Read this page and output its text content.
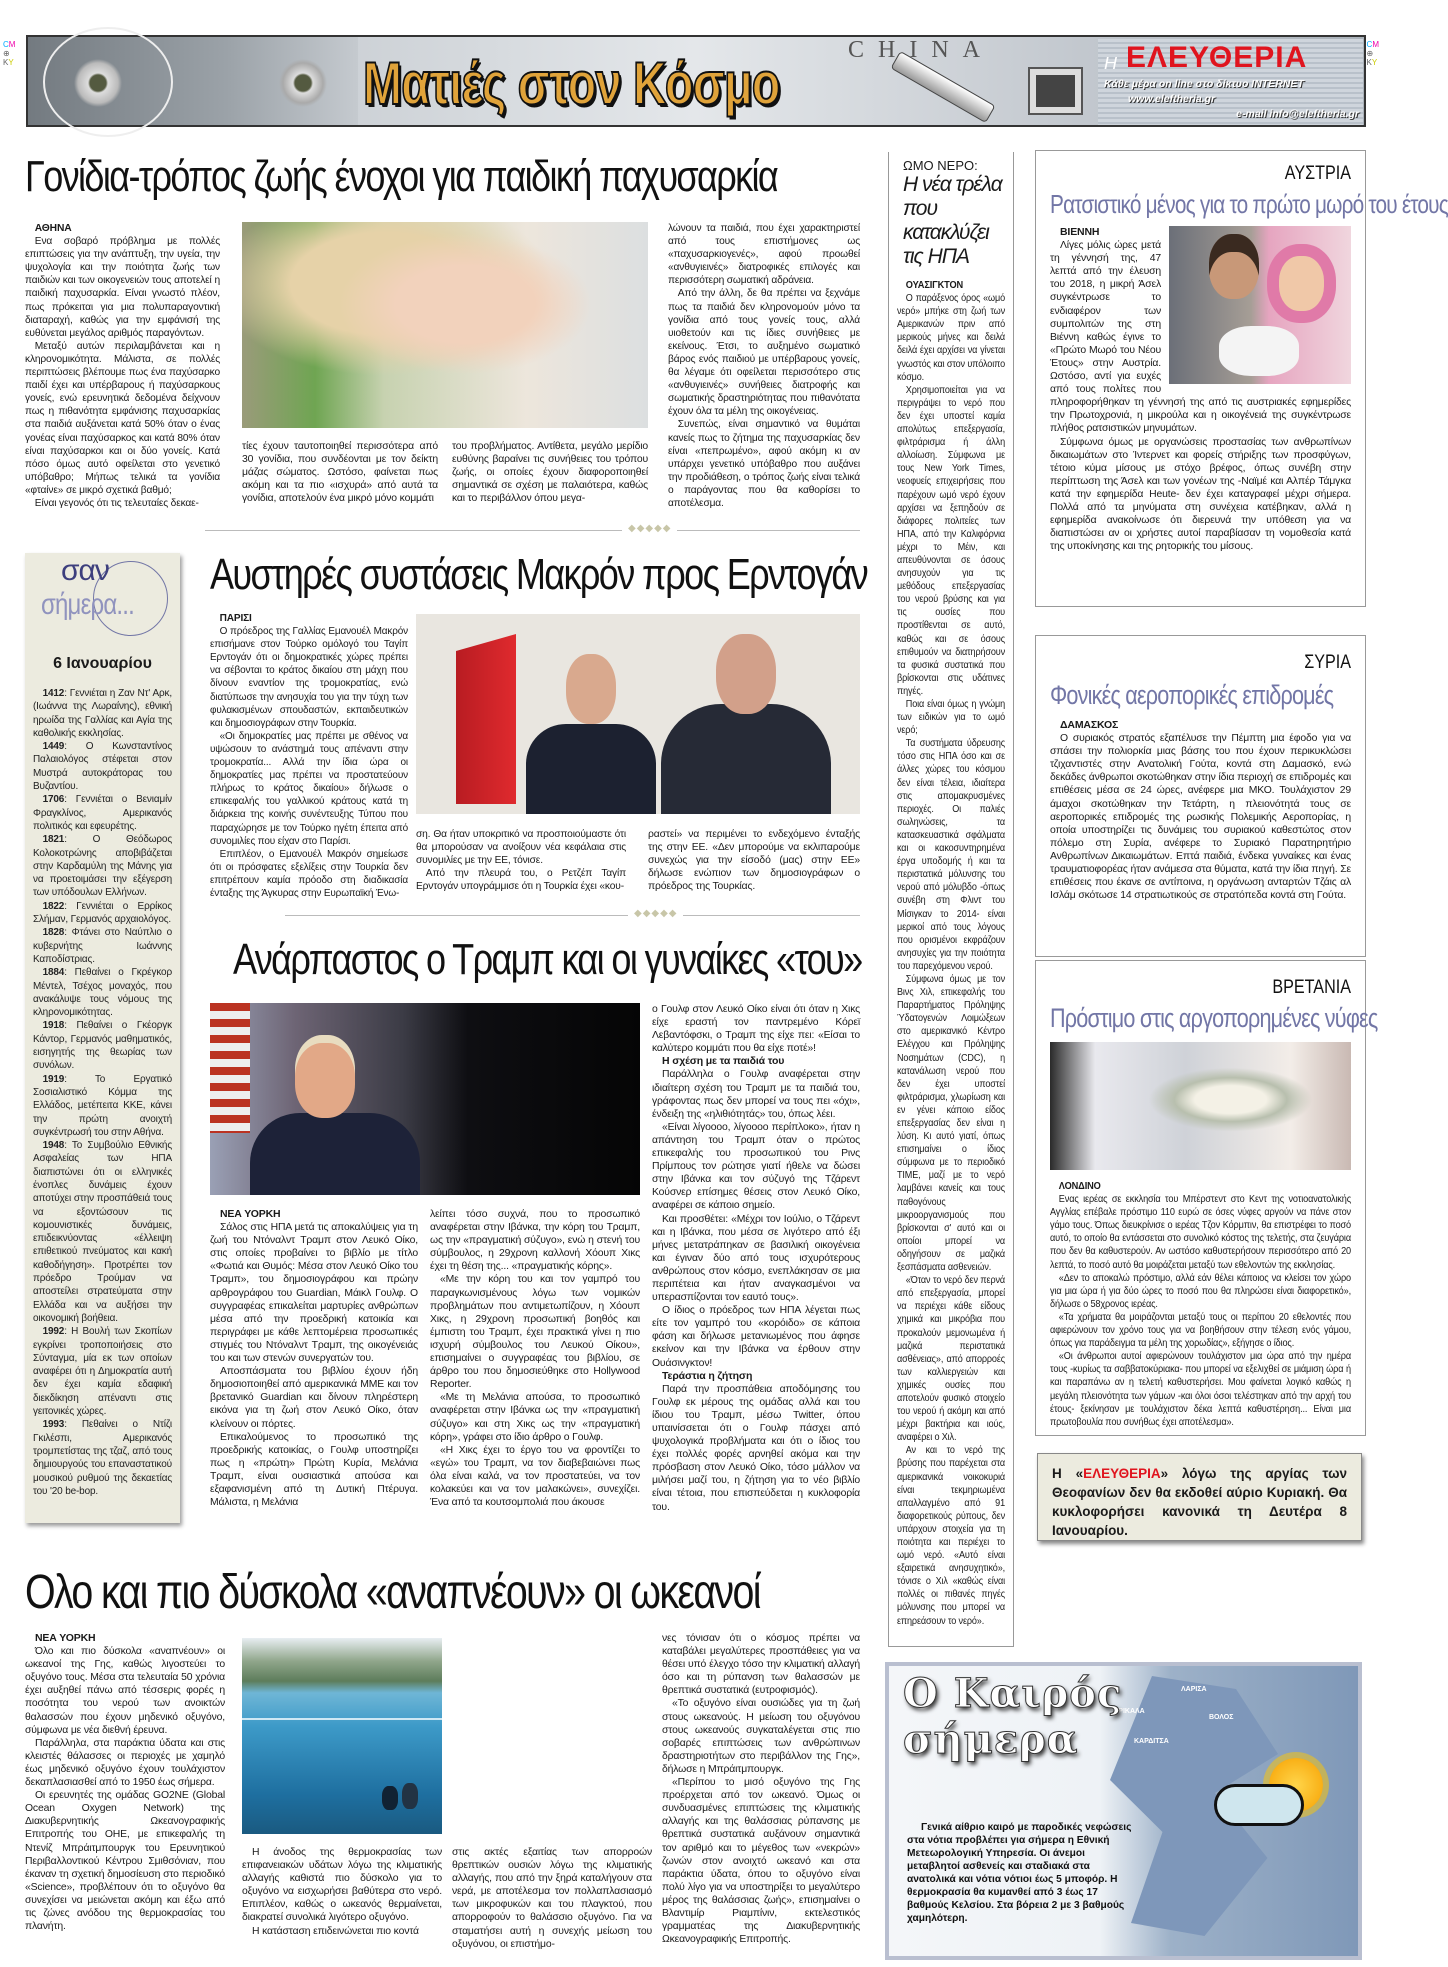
CM
⊕
KY
CM
⊕
KY
Ματιές στον Κόσμο	CHINA	Η ΕΛΕΥΘΕΡΙΑ
Κάθε μέρα on line στο δίκτυο INTERNET
www.eleftheria.gr
e-mail info@eleftheria.gr
Γονίδια-τρόπος ζωής ένοχοι για παιδική παχυσαρκία
ΑΘΗΝΑ

Ενα σοβαρό πρόβλημα με πολλές επιπτώσεις για την ανάπτυξη, την υγεία, την ψυχολογία και την ποιότητα ζωής των παιδιών και των οικογενειών τους αποτελεί η παιδική παχυσαρκία. Είναι γνωστό πλέον, πως πρόκειται για μια πολυπαραγοντική διαταραχή, καθώς για την εμφάνισή της ευθύνεται μεγάλος αριθμός παραγόντων.

Μεταξύ αυτών περιλαμβάνεται και η κληρονομικότητα. Μάλιστα, σε πολλές περιπτώσεις βλέπουμε πως ένα παχύσαρκο παιδί έχει και υπέρβαρους ή παχύσαρκους γονείς, ενώ ερευνητικά δεδομένα δείχνουν πως η πιθανότητα εμφάνισης παχυσαρκίας στα παιδιά αυξάνεται κατά 50% όταν ο ένας γονέας είναι παχύσαρκος και κατά 80% όταν είναι παχύσαρκοι και οι δύο γονείς. Κατά πόσο όμως αυτό οφείλεται στο γενετικό υπόβαθρο; Μήπως τελικά τα γονίδια «φταίνε» σε μικρό σχετικά βαθμό;

Είναι γεγονός ότι τις τελευταίες δεκαε-

τίες έχουν ταυτοποιηθεί περισσότερα από 30 γονίδια, που συνδέονται με τον δείκτη μάζας σώματος. Ωστόσο, φαίνεται πως ακόμη και τα πιο «ισχυρά» από αυτά τα γονίδια, αποτελούν ένα μικρό μόνο κομμάτι

του προβλήματος. Αντίθετα, μεγάλο μερίδιο ευθύνης βαραίνει τις συνήθειες του τρόπου ζωής, οι οποίες έχουν διαφοροποιηθεί σημαντικά σε σχέση με παλαιότερα, καθώς και το περιβάλλον όπου μεγα-

λώνουν τα παιδιά, που έχει χαρακτηριστεί από τους επιστήμονες ως «παχυσαρκιογενές», αφού προωθεί «ανθυγιεινές» διατροφικές επιλογές και περισσότερη σωματική αδράνεια.

Από την άλλη, δε θα πρέπει να ξεχνάμε πως τα παιδιά δεν κληρονομούν μόνο τα γονίδια από τους γονείς τους, αλλά υιοθετούν και τις ίδιες συνήθειες με εκείνους. Έτσι, το αυξημένο σωματικό βάρος ενός παιδιού με υπέρβαρους γονείς, θα λέγαμε ότι οφείλεται περισσότερο στις «ανθυγιεινές» συνήθειες διατροφής και σωματικής δραστηριότητας που πιθανότατα έχουν όλα τα μέλη της οικογένειας.

Συνεπώς, είναι σημαντικό να θυμάται κανείς πως το ζήτημα της παχυσαρκίας δεν είναι «πεπρωμένο», αφού ακόμη κι αν υπάρχει γενετικό υπόβαθρο που αυξάνει την προδιάθεση, ο τρόπος ζωής είναι τελικά ο παράγοντας που θα καθορίσει το αποτέλεσμα.

◆◆◆◆◆
σαν
σήμερα...
6 Ιανουαρίου

1412: Γεννιέται η Ζαν Ντ' Αρκ, (Ιωάννα της Λωραίνης), εθνική ηρωίδα της Γαλλίας και Αγία της καθολικής εκκλησίας.

1449: Ο Κωνσταντίνος Παλαιολόγος στέφεται στον Μυστρά αυτοκράτορας του Βυζαντίου.

1706: Γεννιέται ο Βενιαμίν Φραγκλίνος, Αμερικανός πολιτικός και εφευρέτης.

1821: Ο Θεόδωρος Κολοκοτρώνης αποβιβάζεται στην Καρδαμύλη της Μάνης για να προετοιμάσει την εξέγερση των υπόδουλων Ελλήνων.

1822: Γεννιέται ο Ερρίκος Σλήμαν, Γερμανός αρχαιολόγος.

1828: Φτάνει στο Ναύπλιο ο κυβερνήτης Ιωάννης Καποδίστριας.

1884: Πεθαίνει ο Γκρέγκορ Μέντελ, Τσέχος μοναχός, που ανακάλυψε τους νόμους της κληρονομικότητας.

1918: Πεθαίνει ο Γκέοργκ Κάντορ, Γερμανός μαθηματικός, εισηγητής της θεωρίας των συνόλων.

1919: Το Εργατικό Σοσιαλιστικό Κόμμα της Ελλάδος, μετέπειτα ΚΚΕ, κάνει την πρώτη ανοιχτή συγκέντρωσή του στην Αθήνα.

1948: Το Συμβούλιο Εθνικής Ασφαλείας των ΗΠΑ διαπιστώνει ότι οι ελληνικές ένοπλες δυνάμεις έχουν αποτύχει στην προσπάθειά τους να εξοντώσουν τις κομουνιστικές δυνάμεις, επιδεικνύοντας «έλλειψη επιθετικού πνεύματος και κακή καθοδήγηση». Προτρέπει τον πρόεδρο Τρούμαν να αποστείλει στρατεύματα στην Ελλάδα και να αυξήσει την οικονομική βοήθεια.

1992: Η Βουλή των Σκοπίων εγκρίνει τροποποιήσεις στο Σύνταγμα, μία εκ των οποίων αναφέρει ότι η Δημοκρατία αυτή δεν έχει καμία εδαφική διεκδίκηση απέναντι στις γειτονικές χώρες.

1993: Πεθαίνει ο Ντίζι Γκιλέσπι, Αμερικανός τρομπετίστας της τζαζ, από τους δημιουργούς του επαναστατικού μουσικού ρυθμού της δεκαετίας του '20 be-bop.

Αυστηρές συστάσεις Μακρόν προς Ερντογάν
ΠΑΡΙΣΙ

Ο πρόεδρος της Γαλλίας Εμανουέλ Μακρόν επισήμανε στον Τούρκο ομόλογό του Ταγίπ Ερντογάν ότι οι δημοκρατικές χώρες πρέπει να σέβονται το κράτος δικαίου στη μάχη που δίνουν εναντίον της τρομοκρατίας, ενώ διατύπωσε την ανησυχία του για την τύχη των φυλακισμένων σπουδαστών, εκπαιδευτικών και δημοσιογράφων στην Τουρκία.

«Οι δημοκρατίες μας πρέπει με σθένος να υψώσουν το ανάστημά τους απέναντι στην τρομοκρατία... Αλλά την ίδια ώρα οι δημοκρατίες μας πρέπει να προστατεύουν πλήρως το κράτος δικαίου» δήλωσε ο επικεφαλής του γαλλικού κράτους κατά τη διάρκεια της κοινής συνέντευξης Τύπου που παραχώρησε με τον Τούρκο ηγέτη έπειτα από συνομιλίες που είχαν στο Παρίσι.

Επιπλέον, ο Εμανουέλ Μακρόν σημείωσε ότι οι πρόσφατες εξελίξεις στην Τουρκία δεν επιτρέπουν καμία πρόοδο στη διαδικασία ένταξης της Άγκυρας στην Ευρωπαϊκή Ένω-

ση. Θα ήταν υποκριτικό να προσποιούμαστε ότι θα μπορούσαν να ανοίξουν νέα κεφάλαια στις συνομιλίες με την ΕΕ, τόνισε.

Από την πλευρά του, ο Ρετζέπ Ταγίπ Ερντογάν υπογράμμισε ότι η Τουρκία έχει «κου-

ραστεί» να περιμένει το ενδεχόμενο ένταξής της στην ΕΕ. «Δεν μπορούμε να εκλιπαρούμε συνεχώς για την είσοδό (μας) στην ΕΕ» δήλωσε ενώπιον των δημοσιογράφων ο πρόεδρος της Τουρκίας.

◆◆◆◆◆
Ανάρπαστος ο Τραμπ και οι γυναίκες «του»
ΝΕΑ ΥΟΡΚΗ

Σάλος στις ΗΠΑ μετά τις αποκαλύψεις για τη ζωή του Ντόναλντ Τραμπ στον Λευκό Οίκο, στις οποίες προβαίνει το βιβλίο με τίτλο «Φωτιά και Θυμός: Μέσα στον Λευκό Οίκο του Τραμπ», του δημοσιογράφου και πρώην αρθρογράφου του Guardian, Μάικλ Γουλφ. Ο συγγραφέας επικαλείται μαρτυρίες ανθρώπων μέσα από την προεδρική κατοικία και περιγράφει με κάθε λεπτομέρεια προσωπικές στιγμές του Ντόναλντ Τραμπ, της οικογένειάς του και των στενών συνεργατών του.

Αποσπάσματα του βιβλίου έχουν ήδη δημοσιοποιηθεί από αμερικανικά ΜΜΕ και τον βρετανικό Guardian και δίνουν πληρέστερη εικόνα για τη ζωή στον Λευκό Οίκο, όταν κλείνουν οι πόρτες.

Επικαλούμενος το προσωπικό της προεδρικής κατοικίας, ο Γουλφ υποστηρίζει πως η «πρώτη» Πρώτη Κυρία, Μελάνια Τραμπ, είναι ουσιαστικά απούσα και εξαφανισμένη από τη Δυτική Πτέρυγα. Μάλιστα, η Μελάνια

λείπει τόσο συχνά, που το προσωπικό αναφέρεται στην Ιβάνκα, την κόρη του Τραμπ, ως την «πραγματική σύζυγο», ενώ η στενή του σύμβουλος, η 29χρονη καλλονή Χόουπ Χικς έχει τη θέση της... «πραγματικής κόρης».

«Με την κόρη του και τον γαμπρό του παραγκωνισμένους λόγω των νομικών προβλημάτων που αντιμετωπίζουν, η Χόουπ Χικς, η 29χρονη προσωπική βοηθός και έμπιστη του Τραμπ, έχει πρακτικά γίνει η πιο ισχυρή σύμβουλος του Λευκού Οίκου», επισημαίνει ο συγγραφέας του βιβλίου, σε άρθρο του που δημοσιεύθηκε στο Hollywood Reporter.

«Με τη Μελάνια απούσα, το προσωπικό αναφέρεται στην Ιβάνκα ως την «πραγματική σύζυγο» και στη Χικς ως την «πραγματική κόρη», γράφει στο ίδιο άρθρο ο Γουλφ.

«Η Χικς έχει το έργο του να φροντίζει το «εγώ» του Τραμπ, να τον διαβεβαιώνει πως όλα είναι καλά, να τον προστατεύει, να τον κολακεύει και να τον μαλακώνει», συνεχίζει. Ένα από τα κουτσομπολιά που άκουσε

ο Γουλφ στον Λευκό Οίκο είναι ότι όταν η Χικς είχε εραστή τον παντρεμένο Κόρεϊ Λεβαντόφσκι, ο Τραμπ της είχε πει: «Είσαι το καλύτερο κομμάτι που θα είχε ποτέ»!

Η σχέση με τα παιδιά του

Παράλληλα ο Γουλφ αναφέρεται στην ιδιαίτερη σχέση του Τραμπ με τα παιδιά του, γράφοντας πως δεν μπορεί να τους πει «όχι», ένδειξη της «ηλιθιότητάς» του, όπως λέει.

«Είναι λίγοοοο, λίγοοοο περίπλοκο», ήταν η απάντηση του Τραμπ όταν ο πρώτος επικεφαλής του προσωπικού του Ρινς Πρίμπους τον ρώτησε γιατί ήθελε να δώσει στην Ιβάνκα και τον σύζυγό της Τζάρεντ Κούσνερ επίσημες θέσεις στον Λευκό Οίκο, αναφέρει σε κάποιο σημείο.

Και προσθέτει: «Μέχρι τον Ιούλιο, ο Τζάρεντ και η Ιβάνκα, που μέσα σε λιγότερο από έξι μήνες μετατράπηκαν σε βασιλική οικογένεια και έγιναν δύο από τους ισχυρότερους ανθρώπους στον κόσμο, ενεπλάκησαν σε μια περιπέτεια και ήταν αναγκασμένοι να υπερασπίζονται τον εαυτό τους».

Ο ίδιος ο πρόεδρος των ΗΠΑ λέγεται πως είτε τον γαμπρό του «κορόιδο» σε κάποια φάση και δήλωσε μετανιωμένος που άφησε εκείνον και την Ιβάνκα να έρθουν στην Ουάσινγκτον!

Τεράστια η ζήτηση

Παρά την προσπάθεια αποδόμησης του Γουλφ εκ μέρους της ομάδας αλλά και του ίδιου του Τραμπ, μέσω Twitter, όπου υπαινίσσεται ότι ο Γουλφ πάσχει από ψυχολογικά προβλήματα και ότι ο ίδιος του έχει πολλές φορές αρνηθεί ακόμα και την πρόσβαση στον Λευκό Οίκο, τόσο μάλλον να μιλήσει μαζί του, η ζήτηση για το νέο βιβλίο είναι τέτοια, που επισπεύδεται η κυκλοφορία του.

Ολο και πιο δύσκολα «αναπνέουν» οι ωκεανοί
ΝΕΑ ΥΟΡΚΗ

Όλο και πιο δύσκολα «αναπνέουν» οι ωκεανοί της Γης, καθώς λιγοστεύει το οξυγόνο τους. Μέσα στα τελευταία 50 χρόνια έχει αυξηθεί πάνω από τέσσερις φορές η ποσότητα του νερού των ανοικτών θαλασσών που έχουν μηδενικό οξυγόνο, σύμφωνα με νέα διεθνή έρευνα.

Παράλληλα, στα παράκτια ύδατα και στις κλειστές θάλασσες οι περιοχές με χαμηλό έως μηδενικό οξυγόνο έχουν τουλάχιστον δεκαπλασιασθεί από το 1950 έως σήμερα.

Οι ερευνητές της ομάδας GO2NE (Global Ocean Oxygen Network) της Διακυβερνητικής Ωκεανογραφικής Επιτροπής του ΟΗΕ, με επικεφαλής τη Ντενίζ Μπράιτμπουργκ του Ερευνητικού Περιβαλλοντικού Κέντρου Σμιθσόνιαν, που έκαναν τη σχετική δημοσίευση στο περιοδικό «Science», προβλέπουν ότι το οξυγόνο θα συνεχίσει να μειώνεται ακόμη και έξω από τις ζώνες ανόδου της θερμοκρασίας του πλανήτη.

Η άνοδος της θερμοκρασίας των επιφανειακών υδάτων λόγω της κλιματικής αλλαγής καθιστά πιο δύσκολο για το οξυγόνο να εισχωρήσει βαθύτερα στο νερό. Επιπλέον, καθώς ο ωκεανός θερμαίνεται, διακρατεί συνολικά λιγότερο οξυγόνο.

Η κατάσταση επιδεινώνεται πιο κοντά

στις ακτές εξαιτίας των απορροών θρεπτικών ουσιών λόγω της κλιματικής αλλαγής, που από την ξηρά καταλήγουν στα νερά, με αποτέλεσμα τον πολλαπλασιασμό των μικροφυκών και του πλαγκτού, που απορροφούν το θαλάσσιο οξυγόνο. Για να σταματήσει αυτή η συνεχής μείωση του οξυγόνου, οι επιστήμο-

νες τόνισαν ότι ο κόσμος πρέπει να καταβάλει μεγαλύτερες προσπάθειες για να θέσει υπό έλεγχο τόσο την κλιματική αλλαγή όσο και τη ρύπανση των θαλασσών με θρεπτικά συστατικά (ευτροφισμός).

«Το οξυγόνο είναι ουσιώδες για τη ζωή στους ωκεανούς. Η μείωση του οξυγόνου στους ωκεανούς συγκαταλέγεται στις πιο σοβαρές επιπτώσεις των ανθρώπινων δραστηριοτήτων στο περιβάλλον της Γης», δήλωσε η Μπράιτμπουργκ.

«Περίπου το μισό οξυγόνο της Γης προέρχεται από τον ωκεανό. Όμως οι συνδυασμένες επιπτώσεις της κλιματικής αλλαγής και της θαλάσσιας ρύπανσης με θρεπτικά συστατικά αυξάνουν σημαντικά τον αριθμό και το μέγεθος των «νεκρών» ζωνών στον ανοιχτό ωκεανό και στα παράκτια ύδατα, όπου το οξυγόνο είναι πολύ λίγο για να υποστηρίξει το μεγαλύτερο μέρος της θαλάσσιας ζωής», επισημαίνει ο Βλαντιμίρ Ριαμπίνιν, εκτελεστικός γραμματέας της Διακυβερνητικής Ωκεανογραφικής Επιτροπής.

ΩΜΟ ΝΕΡΟ:
Η νέα τρέλα που κατακλύζει τις ΗΠΑ
ΟΥΑΣΙΓΚΤΟΝ

Ο παράξενος όρος «ωμό νερό» μπήκε στη ζωή των Αμερικανών πριν από μερικούς μήνες και δειλά δειλά έχει αρχίσει να γίνεται γνωστός και στον υπόλοιπο κόσμο.

Χρησιμοποιείται για να περιγράψει το νερό που δεν έχει υποστεί καμία απολύτως επεξεργασία, φιλτράρισμα ή άλλη αλλοίωση. Σύμφωνα με τους New York Times, νεοφυείς επιχειρήσεις που παρέχουν ωμό νερό έχουν αρχίσει να ξεπηδούν σε διάφορες πολιτείες των ΗΠΑ, από την Καλιφόρνια μέχρι το Μέιν, και απευθύνονται σε όσους ανησυχούν για τις μεθόδους επεξεργασίας του νερού βρύσης και για τις ουσίες που προστίθενται σε αυτό, καθώς και σε όσους επιθυμούν να διατηρήσουν τα φυσικά συστατικά που βρίσκονται στις υδάτινες πηγές.

Ποια είναι όμως η γνώμη των ειδικών για το ωμό νερό;

Τα συστήματα ύδρευσης τόσο στις ΗΠΑ όσο και σε άλλες χώρες του κόσμου δεν είναι τέλεια, ιδιαίτερα στις απομακρυσμένες περιοχές. Οι παλιές σωληνώσεις, τα κατασκευαστικά σφάλματα και οι κακοσυντηρημένα έργα υποδομής ή και τα περιστατικά μόλυνσης του νερού από μόλυβδο -όπως συνέβη στη Φλιντ του Μίσιγκαν το 2014- είναι μερικοί από τους λόγους που ορισμένοι εκφράζουν ανησυχίες για την ποιότητα του παρεχόμενου νερού.

Σύμφωνα όμως με τον Βινς Χιλ, επικεφαλής του Παραρτήματος Πρόληψης Ύδατογενών Λοιμώξεων στο αμερικανικό Κέντρο Ελέγχου και Πρόληψης Νοσημάτων (CDC), η κατανάλωση νερού που δεν έχει υποστεί φιλτράρισμα, χλωρίωση και εν γένει κάποιο είδος επεξεργασίας δεν είναι η λύση. Κι αυτό γιατί, όπως επισημαίνει ο ίδιος σύμφωνα με το περιοδικό ΤΙΜΕ, μαζί με το νερό λαμβάνει κανείς και τους παθογόνους μικροοργανισμούς που βρίσκονται σ' αυτό και οι οποίοι μπορεί να οδηγήσουν σε μαζικά ξεσπάσματα ασθενειών.

«Όταν το νερό δεν περνά από επεξεργασία, μπορεί να περιέχει κάθε είδους χημικά και μικρόβια που προκαλούν μεμονωμένα ή μαζικά περιστατικά ασθένειας», από απορροές των καλλιεργειών και χημικές ουσίες που αποτελούν φυσικό στοιχείο του νερού ή ακόμη και από μέχρι βακτήρια και ιούς, αναφέρει ο Χιλ.

Αν και το νερό της βρύσης που παρέχεται στα αμερικανικά νοικοκυριά είναι τεκμηριωμένα απαλλαγμένο από 91 διαφορετικούς ρύπους, δεν υπάρχουν στοιχεία για τη ποιότητα και περιέχει το ωμό νερό. «Αυτό είναι εξαιρετικά ανησυχητικό», τόνισε ο Χιλ «καθώς είναι πολλές οι πιθανές πηγές μόλυνσης που μπορεί να επηρεάσουν το νερό».

ΑΥΣΤΡΙΑ
Ρατσιστικό μένος για το πρώτο μωρό του έτους
ΒΙΕΝΝΗ

Λίγες μόλις ώρες μετά τη γέννησή της, 47 λεπτά από την έλευση του 2018, η μικρή Άσελ συγκέντρωσε το ενδιαφέρον των συμπολιτών της στη Βιέννη καθώς έγινε το «Πρώτο Μωρό του Νέου Έτους» στην Αυστρία. Ωστόσο, αντί για ευχές από τους πολίτες που πληροφορήθηκαν τη γέννησή της από τις αυστριακές εφημερίδες την Πρωτοχρονιά, η μικρούλα και η οικογένειά της συγκέντρωσε πλήθος ρατσιστικών μηνυμάτων.

Σύμφωνα όμως με οργανώσεις προστασίας των ανθρωπίνων δικαιωμάτων στο Ίντερνετ και φορείς στήριξης των προσφύγων, τέτοιο κύμα μίσους με στόχο βρέφος, όπως συνέβη στην περίπτωση της Άσελ και των γονέων της -Ναϊμέ και Αλπέρ Τάμγκα κατά την εφημερίδα Heute- δεν έχει καταγραφεί μέχρι σήμερα. Πολλά από τα μηνύματα στη συνέχεια κατέβηκαν, αλλά η εφημερίδα ανακοίνωσε ότι διερευνά την υπόθεση για να διαπιστώσει αν οι χρήστες αυτοί παραβίασαν τη νομοθεσία κατά της υποκίνησης και της ρητορικής του μίσους.

ΣΥΡΙΑ
Φονικές αεροπορικές επιδρομές
ΔΑΜΑΣΚΟΣ

Ο συριακός στρατός εξαπέλυσε την Πέμπτη μια έφοδο για να σπάσει την πολιορκία μιας βάσης του που έχουν περικυκλώσει τζιχαντιστές στην Ανατολική Γούτα, κοντά στη Δαμασκό, ενώ δεκάδες άνθρωποι σκοτώθηκαν στην ίδια περιοχή σε επιδρομές και επιθέσεις μέσα σε 24 ώρες, ανέφερε μια ΜΚΟ. Τουλάχιστον 29 άμαχοι σκοτώθηκαν την Τετάρτη, η πλειονότητά τους σε αεροπορικές επιδρομές της ρωσικής Πολεμικής Αεροπορίας, η οποία υποστηρίζει τις δυνάμεις του συριακού καθεστώτος στον πόλεμο στη Συρία, ανέφερε το Συριακό Παρατηρητήριο Ανθρωπίνων Δικαιωμάτων. Επτά παιδιά, ένδεκα γυναίκες και ένας τραυματιοφορέας ήταν ανάμεσα στα θύματα, κατά την ίδια πηγή. Σε επιθέσεις που έκανε σε αντίποινα, η οργάνωση ανταρτών Τζάις αλ Ισλάμ σκότωσε 14 στρατιωτικούς σε στρατόπεδα κοντά στη Γούτα.

ΒΡΕΤΑΝΙΑ
Πρόστιμο στις αργοπορημένες νύφες
ΛΟΝΔΙΝΟ

Ενας ιερέας σε εκκλησία του Μπέρστεντ στο Κεντ της νοτιοανατολικής Αγγλίας επέβαλε πρόστιμο 110 ευρώ σε όσες νύφες αργούν να πάνε στον γάμο τους. Όπως διευκρίνισε ο ιερέας Τζον Κόρμπιν, θα επιστρέφει το ποσό αυτό, το οποίο θα εντάσσεται στο συνολικό κόστος της τελετής, στα ζευγάρια που δεν θα καθυστερούν. Αν ωστόσο καθυστερήσουν περισσότερο από 20 λεπτά, το ποσό αυτό θα μοιράζεται μεταξύ των εθελοντών της εκκλησίας.

«Δεν το αποκαλώ πρόστιμο, αλλά εάν θέλει κάποιος να κλείσει τον χώρο για μια ώρα ή για δύο ώρες το ποσό που θα πληρώσει είναι διαφορετικό», δήλωσε ο 58χρονος ιερέας.

«Τα χρήματα θα μοιράζονται μεταξύ τους οι περίπου 20 εθελοντές που αφιερώνουν τον χρόνο τους για να βοηθήσουν στην τέλεση ενός γάμου, όπως για παράδειγμα τα μέλη της χορωδίας», εξήγησε ο ίδιος.

«Οι άνθρωποι αυτοί αφιερώνουν τουλάχιστον μια ώρα από την ημέρα τους -κυρίως τα σαββατοκύριακα- που μπορεί να εξελιχθεί σε μιάμιση ώρα ή και παραπάνω αν η τελετή καθυστερήσει. Μου φαίνεται λογικό καθώς η μεγάλη πλειονότητα των γάμων -και όλοι όσοι τελέστηκαν από την αρχή του έτους- ξεκίνησαν με τουλάχιστον δέκα λεπτά καθυστέρηση... Είναι μια πρωτοβουλία που συνήθως έχει αποτέλεσμα».

Η «ΕΛΕΥΘΕΡΙΑ» λόγω της αργίας των Θεοφανίων δεν θα εκδοθεί αύριο Κυριακή. Θα κυκλοφορήσει κανονικά τη Δευτέρα 8 Ιανουαρίου.
ΛΑΡΙΣΑ
ΤΡΙΚΑΛΑ
ΒΟΛΟΣ
ΚΑΡΔΙΤΣΑ
Ο Καιρός
σήμερα

Γενικά αίθριο καιρό με παροδικές νεφώσεις στα νότια προβλέπει για σήμερα η Εθνική Μετεωρολογική Υπηρεσία. Οι άνεμοι μεταβλητοί ασθενείς και σταδιακά στα ανατολικά και νότια νότιοι έως 5 μποφόρ. Η θερμοκρασία θα κυμανθεί από 3 έως 17 βαθμούς Κελσίου. Στα βόρεια 2 με 3 βαθμούς χαμηλότερη.
